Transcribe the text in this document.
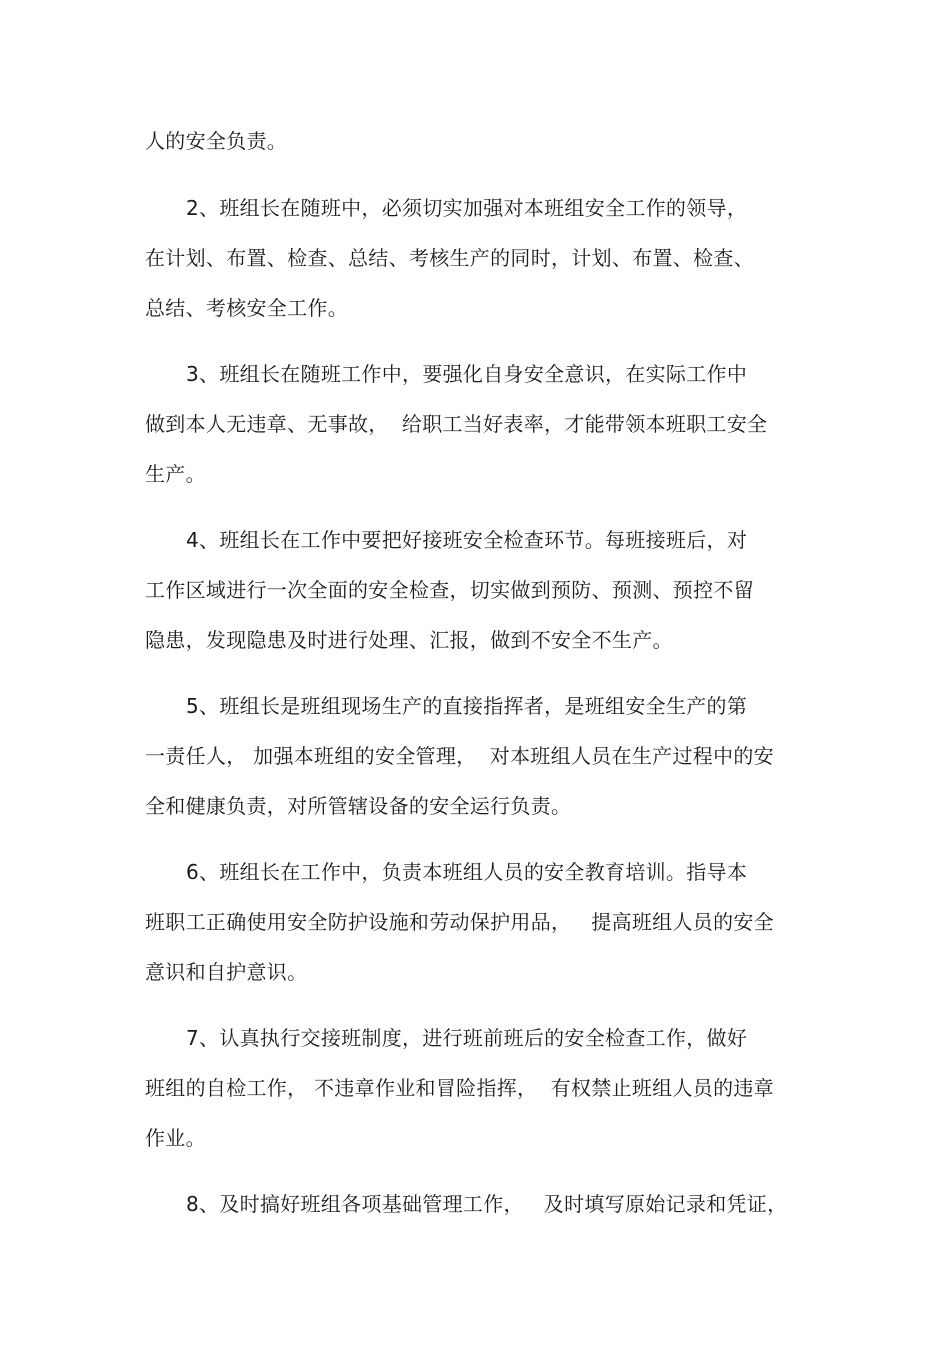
人的安全负责。
2、班组长在随班中，必须切实加强对本班组安全工作的领导，
在计划、布置、检查、总结、考核生产的同时，计划、布置、检查、
总结、考核安全工作。
3、班组长在随班工作中，要强化自身安全意识，在实际工作中
做到本人无违章、无事故，  给职工当好表率，才能带领本班职工安全
生产。
4、班组长在工作中要把好接班安全检查环节。每班接班后，对
工作区域进行一次全面的安全检查，切实做到预防、预测、预控不留
隐患，发现隐患及时进行处理、汇报，做到不安全不生产。
5、班组长是班组现场生产的直接指挥者，是班组安全生产的第
一责任人， 加强本班组的安全管理，  对本班组人员在生产过程中的安
全和健康负责，对所管辖设备的安全运行负责。
6、班组长在工作中，负责本班组人员的安全教育培训。指导本
班职工正确使用安全防护设施和劳动保护用品，   提高班组人员的安全
意识和自护意识。
7、认真执行交接班制度，进行班前班后的安全检查工作，做好
班组的自检工作， 不违章作业和冒险指挥，  有权禁止班组人员的违章
作业。
8、及时搞好班组各项基础管理工作，   及时填写原始记录和凭证，
